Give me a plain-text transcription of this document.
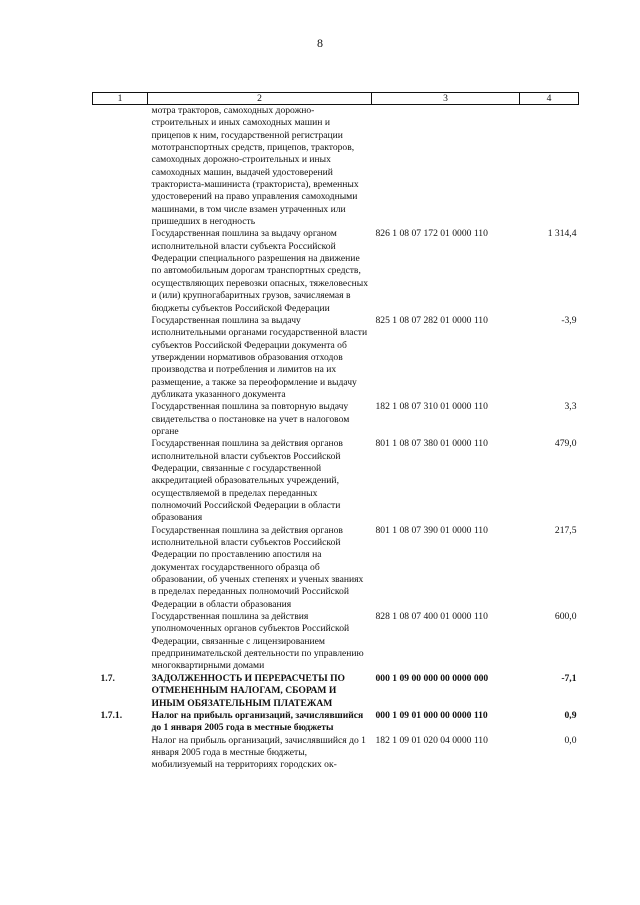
8
1	2	3	4
	мотра тракторов, самоходных дорожно-строительных и иных самоходных машин и прицепов к ним, государственной регистрации мототранспортных средств, прицепов, тракторов, самоходных дорожно-строительных и иных самоходных машин, выдачей удостоверений тракториста-машиниста (тракториста), временных удостоверений на право управления самоходными машинами, в том числе взамен утраченных или пришедших в негодность		
	Государственная пошлина за выдачу органом исполнительной власти субъекта Российской Федерации специального разрешения на движение по автомобильным дорогам транспортных средств, осуществляющих перевозки опасных, тяжеловесных и (или) крупногабаритных грузов, зачисляемая в бюджеты субъектов Российской Федерации	826 1 08 07 172 01 0000 110	1 314,4
	Государственная пошлина за выдачу исполнительными органами государственной власти субъектов Российской Федерации документа об утверждении нормативов образования отходов производства и потребления и лимитов на их размещение, а также за переоформление и выдачу дубликата указанного документа	825 1 08 07 282 01 0000 110	-3,9
	Государственная пошлина за повторную выдачу свидетельства о постановке на учет в налоговом органе	182 1 08 07 310 01 0000 110	3,3
	Государственная пошлина за действия органов исполнительной власти субъектов Российской Федерации, связанные с государственной аккредитацией образовательных учреждений, осуществляемой в пределах переданных полномочий Российской Федерации в области образования	801 1 08 07 380 01 0000 110	479,0
	Государственная пошлина за действия органов исполнительной власти субъектов Российской Федерации по проставлению апостиля на документах государственного образца об образовании, об ученых степенях и ученых званиях в пределах переданных полномочий Российской Федерации в области образования	801 1 08 07 390 01 0000 110	217,5
	Государственная пошлина за действия уполномоченных органов субъектов Российской Федерации, связанные с лицензированием предпринимательской деятельности по управлению многоквартирными домами	828 1 08 07 400 01 0000 110	600,0
1.7.	ЗАДОЛЖЕННОСТЬ И ПЕРЕРАСЧЕТЫ ПО ОТМЕНЕННЫМ НАЛОГАМ, СБОРАМ И ИНЫМ ОБЯЗАТЕЛЬНЫМ ПЛАТЕЖАМ	000 1 09 00 000 00 0000 000	-7,1
1.7.1.	Налог на прибыль организаций, зачислявшийся до 1 января 2005 года в местные бюджеты	000 1 09 01 000 00 0000 110	0,9
	Налог на прибыль организаций, зачислявшийся до 1 января 2005 года в местные бюджеты, мобилизуемый на территориях городских ок-	182 1 09 01 020 04 0000 110	0,0
